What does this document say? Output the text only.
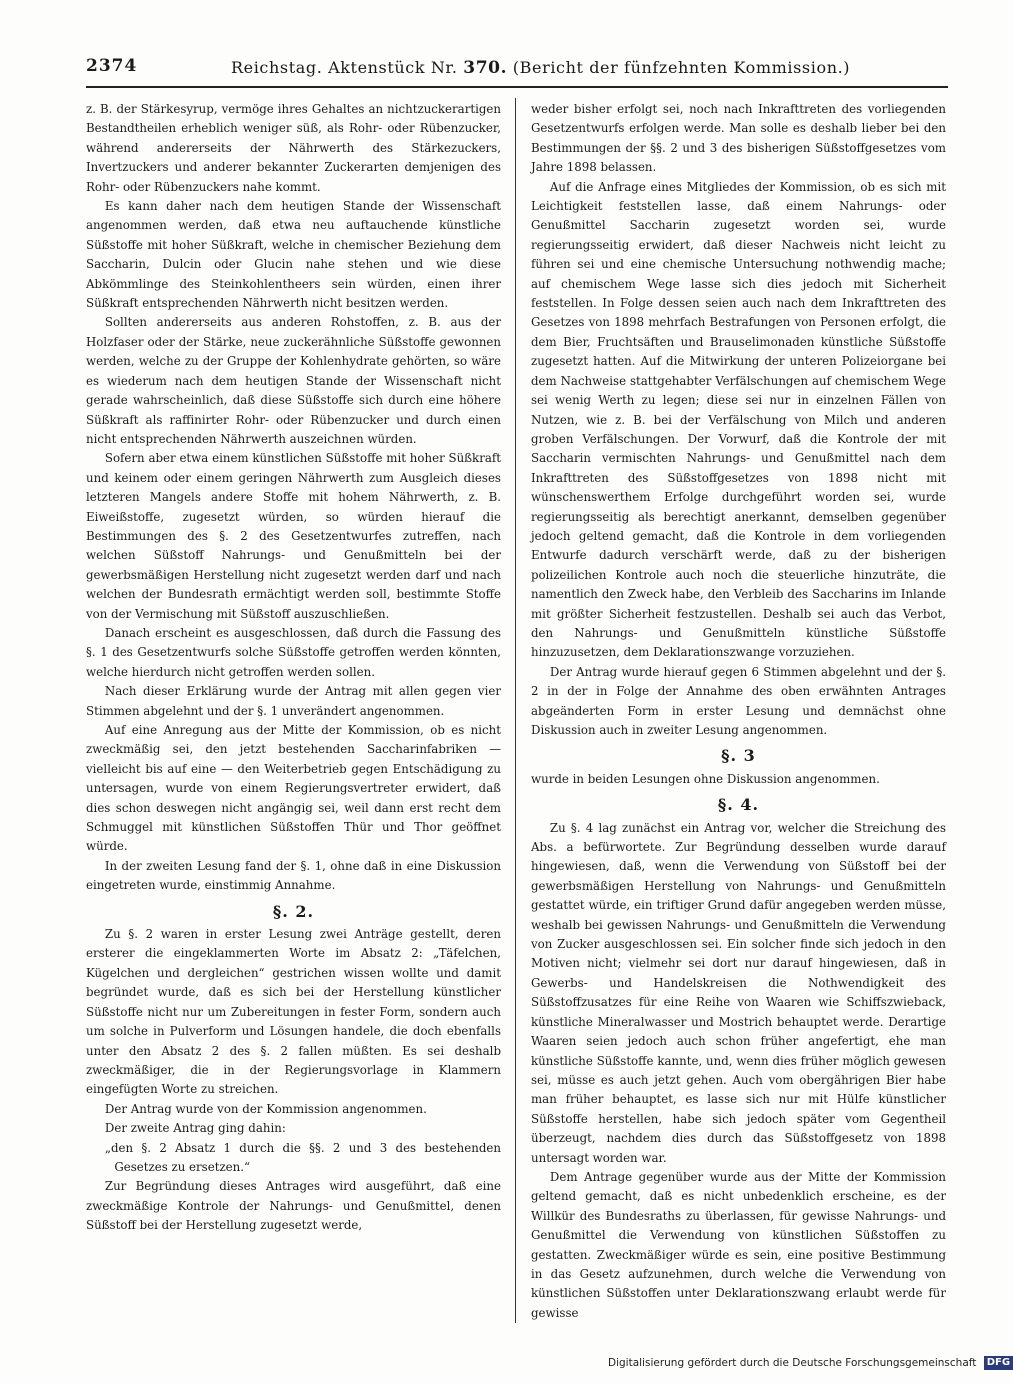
2374	Reichstag. Aktenstück Nr. 370. (Bericht der fünfzehnten Kommission.)

z. B. der Stärkesyrup, vermöge ihres Gehaltes an nichtzuckerartigen Bestandtheilen erheblich weniger süß, als Rohr- oder Rübenzucker, während andererseits der Nährwerth des Stärkezuckers, Invertzuckers und anderer bekannter Zuckerarten demjenigen des Rohr- oder Rübenzuckers nahe kommt.

Es kann daher nach dem heutigen Stande der Wissenschaft angenommen werden, daß etwa neu auftauchende künstliche Süßstoffe mit hoher Süßkraft, welche in chemischer Beziehung dem Saccharin, Dulcin oder Glucin nahe stehen und wie diese Abkömmlinge des Steinkohlentheers sein würden, einen ihrer Süßkraft entsprechenden Nährwerth nicht besitzen werden.

Sollten andererseits aus anderen Rohstoffen, z. B. aus der Holzfaser oder der Stärke, neue zuckerähnliche Süßstoffe gewonnen werden, welche zu der Gruppe der Kohlenhydrate gehörten, so wäre es wiederum nach dem heutigen Stande der Wissenschaft nicht gerade wahrscheinlich, daß diese Süßstoffe sich durch eine höhere Süßkraft als raffinirter Rohr- oder Rübenzucker und durch einen nicht entsprechenden Nährwerth auszeichnen würden.

Sofern aber etwa einem künstlichen Süßstoffe mit hoher Süßkraft und keinem oder einem geringen Nährwerth zum Ausgleich dieses letzteren Mangels andere Stoffe mit hohem Nährwerth, z. B. Eiweißstoffe, zugesetzt würden, so würden hierauf die Bestimmungen des §. 2 des Gesetzentwurfes zutreffen, nach welchen Süßstoff Nahrungs- und Genußmitteln bei der gewerbsmäßigen Herstellung nicht zugesetzt werden darf und nach welchen der Bundesrath ermächtigt werden soll, bestimmte Stoffe von der Vermischung mit Süßstoff auszuschließen.

Danach erscheint es ausgeschlossen, daß durch die Fassung des §. 1 des Gesetzentwurfs solche Süßstoffe getroffen werden könnten, welche hierdurch nicht getroffen werden sollen.

Nach dieser Erklärung wurde der Antrag mit allen gegen vier Stimmen abgelehnt und der §. 1 unverändert angenommen.

Auf eine Anregung aus der Mitte der Kommission, ob es nicht zweckmäßig sei, den jetzt bestehenden Saccharinfabriken — vielleicht bis auf eine — den Weiterbetrieb gegen Entschädigung zu untersagen, wurde von einem Regierungsvertreter erwidert, daß dies schon deswegen nicht angängig sei, weil dann erst recht dem Schmuggel mit künstlichen Süßstoffen Thür und Thor geöffnet würde.

In der zweiten Lesung fand der §. 1, ohne daß in eine Diskussion eingetreten wurde, einstimmig Annahme.

§. 2.

Zu §. 2 waren in erster Lesung zwei Anträge gestellt, deren ersterer die eingeklammerten Worte im Absatz 2: „Täfelchen, Kügelchen und dergleichen“ gestrichen wissen wollte und damit begründet wurde, daß es sich bei der Herstellung künstlicher Süßstoffe nicht nur um Zubereitungen in fester Form, sondern auch um solche in Pulverform und Lösungen handele, die doch ebenfalls unter den Absatz 2 des §. 2 fallen müßten. Es sei deshalb zweckmäßiger, die in der Regierungsvorlage in Klammern eingefügten Worte zu streichen.

Der Antrag wurde von der Kommission angenommen.

Der zweite Antrag ging dahin:

„den §. 2 Absatz 1 durch die §§. 2 und 3 des bestehenden Gesetzes zu ersetzen.“

Zur Begründung dieses Antrages wird ausgeführt, daß eine zweckmäßige Kontrole der Nahrungs- und Genußmittel, denen Süßstoff bei der Herstellung zugesetzt werde,

weder bisher erfolgt sei, noch nach Inkrafttreten des vorliegenden Gesetzentwurfs erfolgen werde. Man solle es deshalb lieber bei den Bestimmungen der §§. 2 und 3 des bisherigen Süßstoffgesetzes vom Jahre 1898 belassen.

Auf die Anfrage eines Mitgliedes der Kommission, ob es sich mit Leichtigkeit feststellen lasse, daß einem Nahrungs- oder Genußmittel Saccharin zugesetzt worden sei, wurde regierungsseitig erwidert, daß dieser Nachweis nicht leicht zu führen sei und eine chemische Untersuchung nothwendig mache; auf chemischem Wege lasse sich dies jedoch mit Sicherheit feststellen. In Folge dessen seien auch nach dem Inkrafttreten des Gesetzes von 1898 mehrfach Bestrafungen von Personen erfolgt, die dem Bier, Fruchtsäften und Brauselimonaden künstliche Süßstoffe zugesetzt hatten. Auf die Mitwirkung der unteren Polizeiorgane bei dem Nachweise stattgehabter Verfälschungen auf chemischem Wege sei wenig Werth zu legen; diese sei nur in einzelnen Fällen von Nutzen, wie z. B. bei der Verfälschung von Milch und anderen groben Verfälschungen. Der Vorwurf, daß die Kontrole der mit Saccharin vermischten Nahrungs- und Genußmittel nach dem Inkrafttreten des Süßstoffgesetzes von 1898 nicht mit wünschenswerthem Erfolge durchgeführt worden sei, wurde regierungsseitig als berechtigt anerkannt, demselben gegenüber jedoch geltend gemacht, daß die Kontrole in dem vorliegenden Entwurfe dadurch verschärft werde, daß zu der bisherigen polizeilichen Kontrole auch noch die steuerliche hinzuträte, die namentlich den Zweck habe, den Verbleib des Saccharins im Inlande mit größter Sicherheit festzustellen. Deshalb sei auch das Verbot, den Nahrungs- und Genußmitteln künstliche Süßstoffe hinzuzusetzen, dem Deklarationszwange vorzuziehen.

Der Antrag wurde hierauf gegen 6 Stimmen abgelehnt und der §. 2 in der in Folge der Annahme des oben erwähnten Antrages abgeänderten Form in erster Lesung und demnächst ohne Diskussion auch in zweiter Lesung angenommen.

§. 3

wurde in beiden Lesungen ohne Diskussion angenommen.

§. 4.

Zu §. 4 lag zunächst ein Antrag vor, welcher die Streichung des Abs. a befürwortete. Zur Begründung desselben wurde darauf hingewiesen, daß, wenn die Verwendung von Süßstoff bei der gewerbsmäßigen Herstellung von Nahrungs- und Genußmitteln gestattet würde, ein triftiger Grund dafür angegeben werden müsse, weshalb bei gewissen Nahrungs- und Genußmitteln die Verwendung von Zucker ausgeschlossen sei. Ein solcher finde sich jedoch in den Motiven nicht; vielmehr sei dort nur darauf hingewiesen, daß in Gewerbs- und Handelskreisen die Nothwendigkeit des Süßstoffzusatzes für eine Reihe von Waaren wie Schiffszwieback, künstliche Mineralwasser und Mostrich behauptet werde. Derartige Waaren seien jedoch auch schon früher angefertigt, ehe man künstliche Süßstoffe kannte, und, wenn dies früher möglich gewesen sei, müsse es auch jetzt gehen. Auch vom obergährigen Bier habe man früher behauptet, es lasse sich nur mit Hülfe künstlicher Süßstoffe herstellen, habe sich jedoch später vom Gegentheil überzeugt, nachdem dies durch das Süßstoffgesetz von 1898 untersagt worden war.

Dem Antrage gegenüber wurde aus der Mitte der Kommission geltend gemacht, daß es nicht unbedenklich erscheine, es der Willkür des Bundesraths zu überlassen, für gewisse Nahrungs- und Genußmittel die Verwendung von künstlichen Süßstoffen zu gestatten. Zweckmäßiger würde es sein, eine positive Bestimmung in das Gesetz aufzunehmen, durch welche die Verwendung von künstlichen Süßstoffen unter Deklarationszwang erlaubt werde für gewisse

Digitalisierung gefördert durch die Deutsche Forschungsgemeinschaft DFG
